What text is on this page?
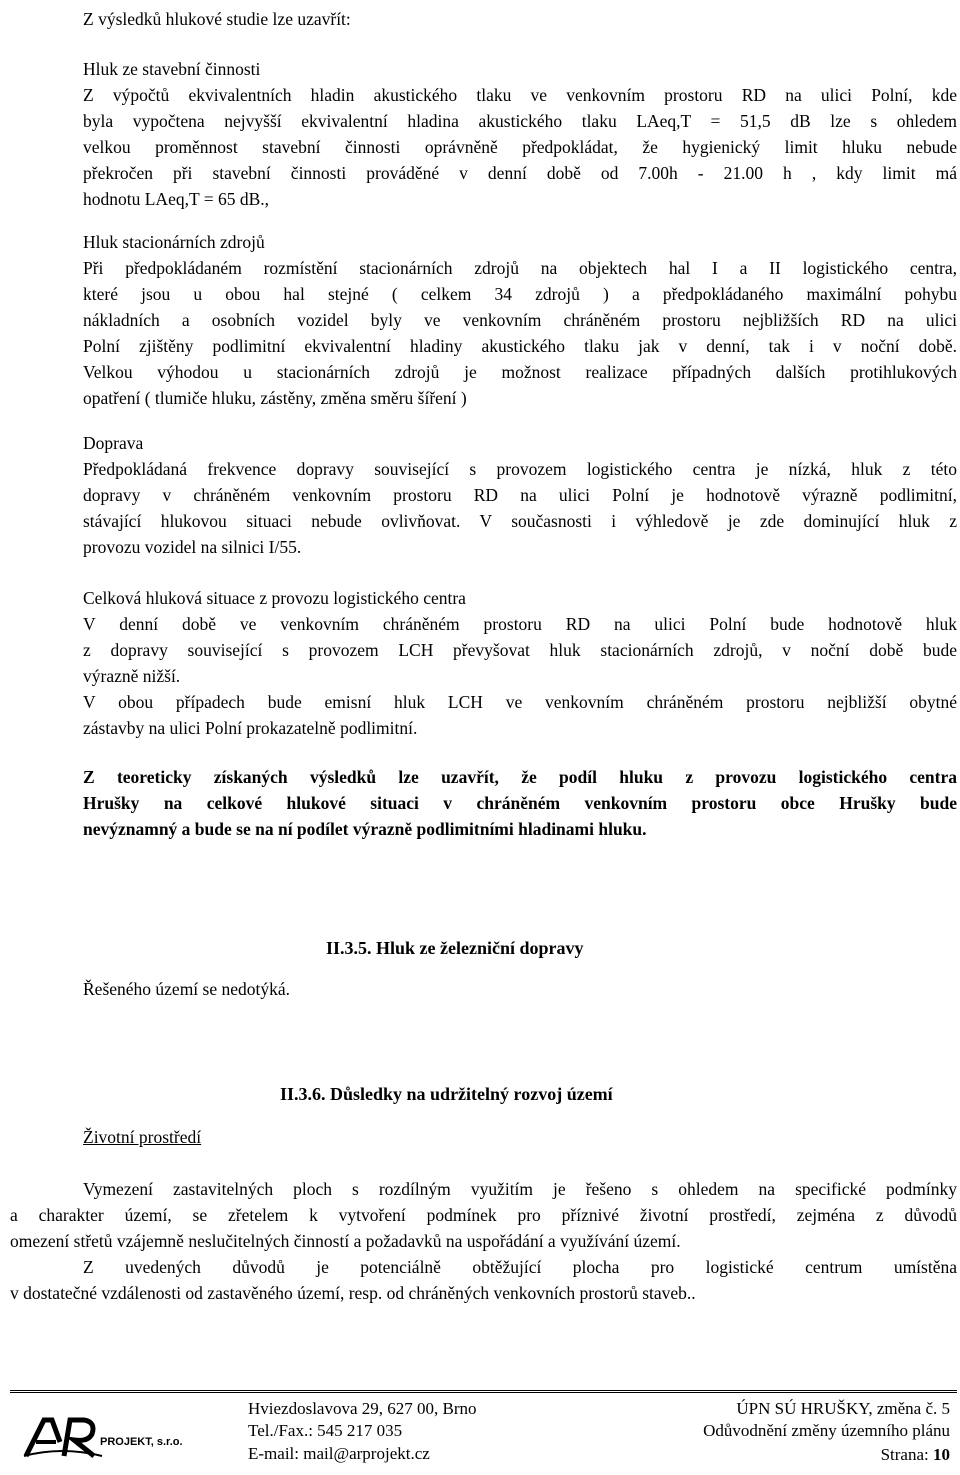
Z výsledků hlukové studie lze uzavřít:
Hluk ze stavební činnosti
Z výpočtů ekvivalentních hladin akustického tlaku ve venkovním prostoru RD na ulici Polní, kde
byla vypočtena nejvyšší ekvivalentní hladina akustického tlaku LAeq,T = 51,5 dB lze s ohledem
velkou proměnnost stavební činnosti oprávněně předpokládat, že hygienický limit hluku nebude
překročen při stavební činnosti prováděné v denní době od 7.00h - 21.00 h , kdy limit má
hodnotu LAeq,T = 65 dB.,
Hluk stacionárních zdrojů
Při předpokládaném rozmístění stacionárních zdrojů na objektech hal I a II logistického centra,
které jsou u obou hal stejné ( celkem 34 zdrojů ) a předpokládaného maximální pohybu
nákladních a osobních vozidel byly ve venkovním chráněném prostoru nejbližších RD na ulici
Polní zjištěny podlimitní ekvivalentní hladiny akustického tlaku jak v denní, tak i v noční době.
Velkou výhodou u stacionárních zdrojů je možnost realizace případných dalších protihlukových
opatření ( tlumiče hluku, zástěny, změna směru šíření )
Doprava
Předpokládaná frekvence dopravy související s provozem logistického centra je nízká, hluk z této
dopravy v chráněném venkovním prostoru RD na ulici Polní je hodnotově výrazně podlimitní,
stávající hlukovou situaci nebude ovlivňovat. V současnosti i výhledově je zde dominující hluk z
provozu vozidel na silnici I/55.
Celková hluková situace z provozu logistického centra
V denní době ve venkovním chráněném prostoru RD na ulici Polní bude hodnotově hluk
z dopravy související s provozem LCH převyšovat hluk stacionárních zdrojů, v noční době bude
výrazně nižší.
V obou případech bude emisní hluk LCH ve venkovním chráněném prostoru nejbližší obytné
zástavby na ulici Polní prokazatelně podlimitní.
Z teoreticky získaných výsledků lze uzavřít, že podíl hluku z provozu logistického centra
Hrušky na celkové hlukové situaci v chráněném venkovním prostoru obce Hrušky bude
nevýznamný a bude se na ní podílet výrazně podlimitními hladinami hluku.
II.3.5. Hluk ze železniční dopravy
Řešeného území se nedotýká.
II.3.6. Důsledky na udržitelný rozvoj území
Životní prostředí
Vymezení zastavitelných ploch s rozdílným využitím je řešeno s ohledem na specifické podmínky
a charakter území, se zřetelem k vytvoření podmínek pro příznivé životní prostředí, zejména z důvodů
omezení střetů vzájemně neslučitelných činností a požadavků na uspořádání a využívání území.
Z uvedených důvodů je potenciálně obtěžující plocha pro logistické centrum umístěna
v dostatečné vzdálenosti od zastavěného území, resp. od chráněných venkovních prostorů staveb..
PROJEKT, s.r.o.
Hviezdoslavova 29, 627 00, Brno
Tel./Fax.: 545 217 035
E-mail: mail@arprojekt.cz
ÚPN SÚ HRUŠKY, změna č. 5
Odůvodnění změny územního plánu
Strana: 10
